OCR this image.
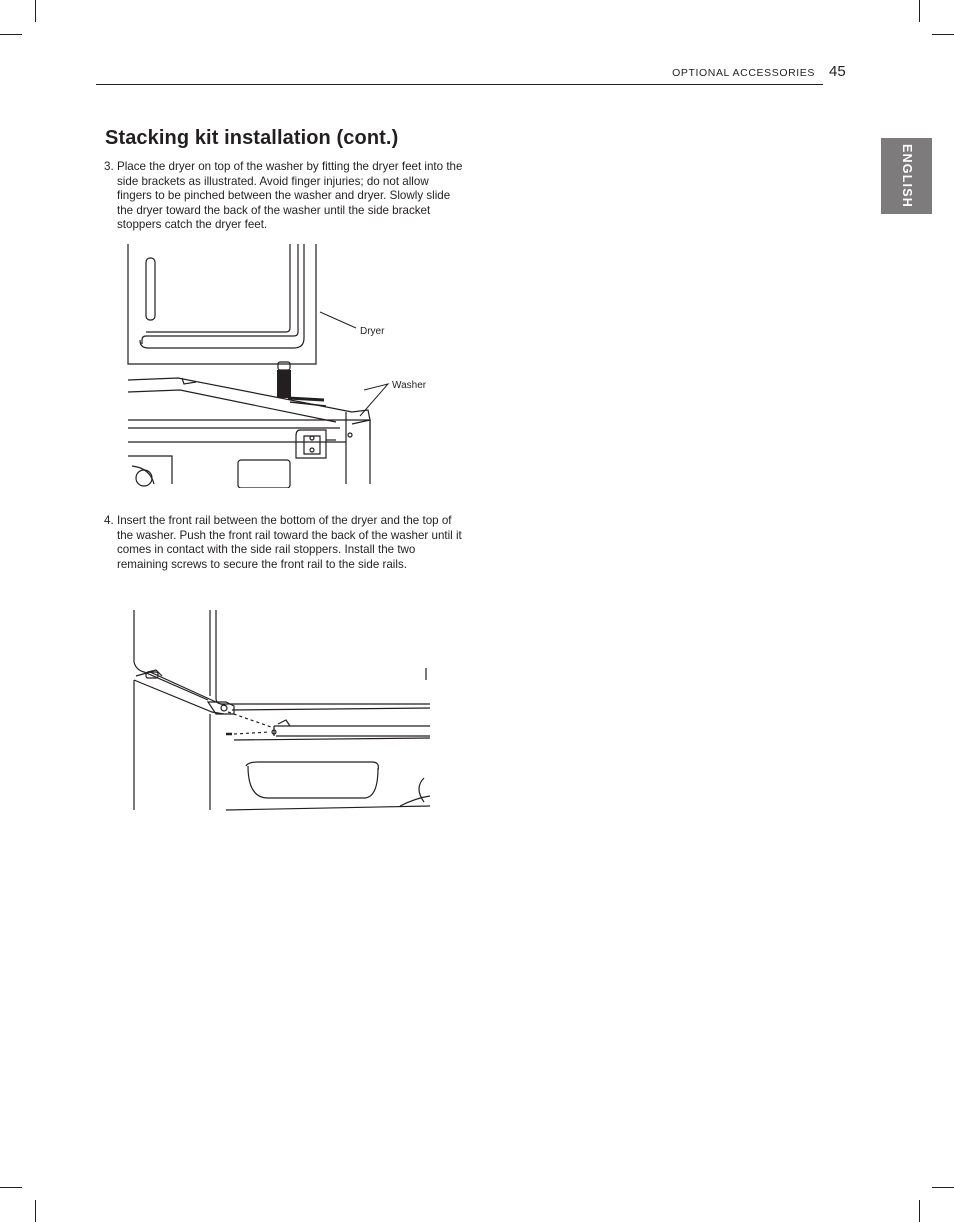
OPTIONAL ACCESSORIES 45
ENGLISH
Stacking kit installation (cont.)
3. Place the dryer on top of the washer by fitting the dryer feet into the side brackets as illustrated. Avoid finger injuries; do not allow fingers to be pinched between the washer and dryer. Slowly slide the dryer toward the back of the washer until the side bracket stoppers catch the dryer feet.
Dryer
Washer
4. Insert the front rail between the bottom of the dryer and the top of the washer. Push the front rail toward the back of the washer until it comes in contact with the side rail stoppers. Install the two remaining screws to secure the front rail to the side rails.
